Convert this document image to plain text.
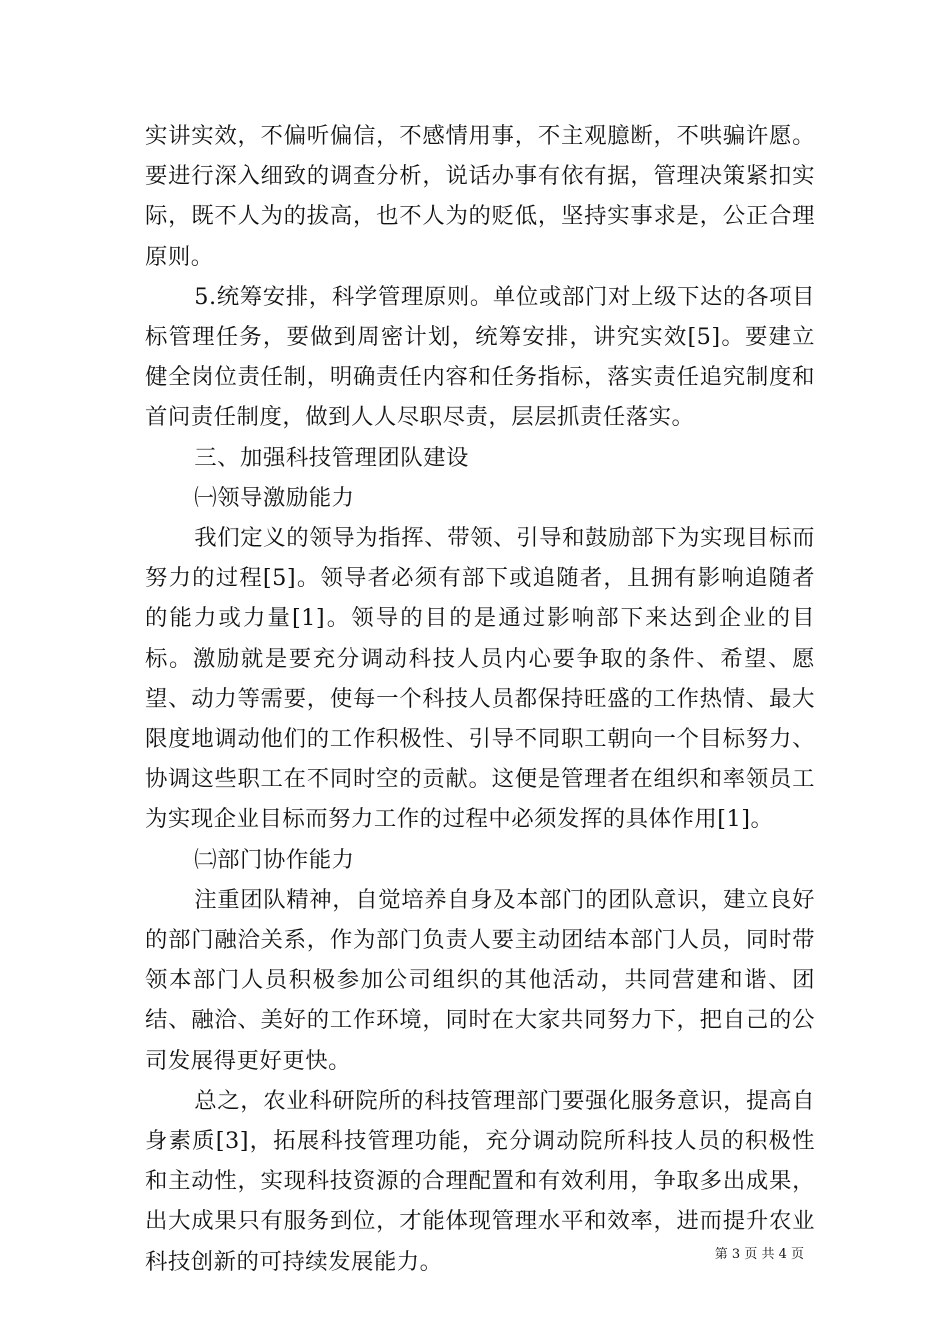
实讲实效，不偏听偏信，不感情用事，不主观臆断，不哄骗许愿。要进行深入细致的调查分析，说话办事有依有据，管理决策紧扣实际，既不人为的拔高，也不人为的贬低，坚持实事求是，公正合理原则。

5.统筹安排，科学管理原则。单位或部门对上级下达的各项目标管理任务，要做到周密计划，统筹安排，讲究实效[5]。要建立健全岗位责任制，明确责任内容和任务指标，落实责任追究制度和首问责任制度，做到人人尽职尽责，层层抓责任落实。

三、加强科技管理团队建设

㈠领导激励能力

我们定义的领导为指挥、带领、引导和鼓励部下为实现目标而努力的过程[5]。领导者必须有部下或追随者，且拥有影响追随者的能力或力量[1]。领导的目的是通过影响部下来达到企业的目标。激励就是要充分调动科技人员内心要争取的条件、希望、愿望、动力等需要，使每一个科技人员都保持旺盛的工作热情、最大限度地调动他们的工作积极性、引导不同职工朝向一个目标努力、协调这些职工在不同时空的贡献。这便是管理者在组织和率领员工为实现企业目标而努力工作的过程中必须发挥的具体作用[1]。

㈡部门协作能力

注重团队精神，自觉培养自身及本部门的团队意识，建立良好的部门融洽关系，作为部门负责人要主动团结本部门人员，同时带领本部门人员积极参加公司组织的其他活动，共同营建和谐、团结、融洽、美好的工作环境，同时在大家共同努力下，把自己的公司发展得更好更快。

总之，农业科研院所的科技管理部门要强化服务意识，提高自身素质[3]，拓展科技管理功能，充分调动院所科技人员的积极性和主动性，实现科技资源的合理配置和有效利用，争取多出成果，出大成果只有服务到位，才能体现管理水平和效率，进而提升农业科技创新的可持续发展能力。	第 3 页 共 4 页
